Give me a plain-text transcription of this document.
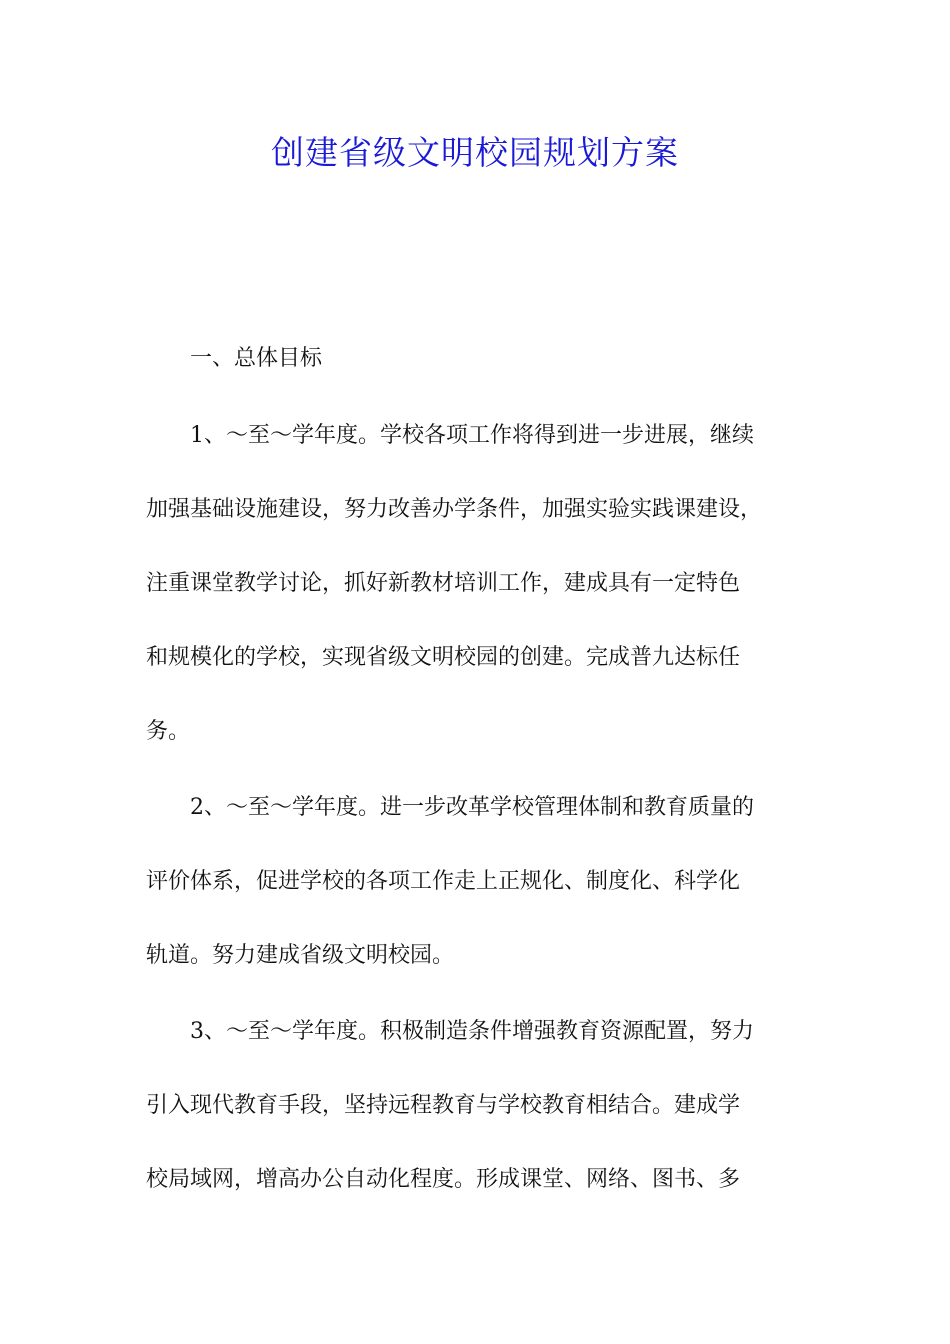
创建省级文明校园规划方案

一、总体目标

1、～至～学年度。学校各项工作将得到进一步进展，继续

加强基础设施建设，努力改善办学条件，加强实验实践课建设，

注重课堂教学讨论，抓好新教材培训工作，建成具有一定特色

和规模化的学校，实现省级文明校园的创建。完成普九达标任

务。

2、～至～学年度。进一步改革学校管理体制和教育质量的

评价体系，促进学校的各项工作走上正规化、制度化、科学化

轨道。努力建成省级文明校园。

3、～至～学年度。积极制造条件增强教育资源配置，努力

引入现代教育手段，坚持远程教育与学校教育相结合。建成学

校局域网，增高办公自动化程度。形成课堂、网络、图书、多
